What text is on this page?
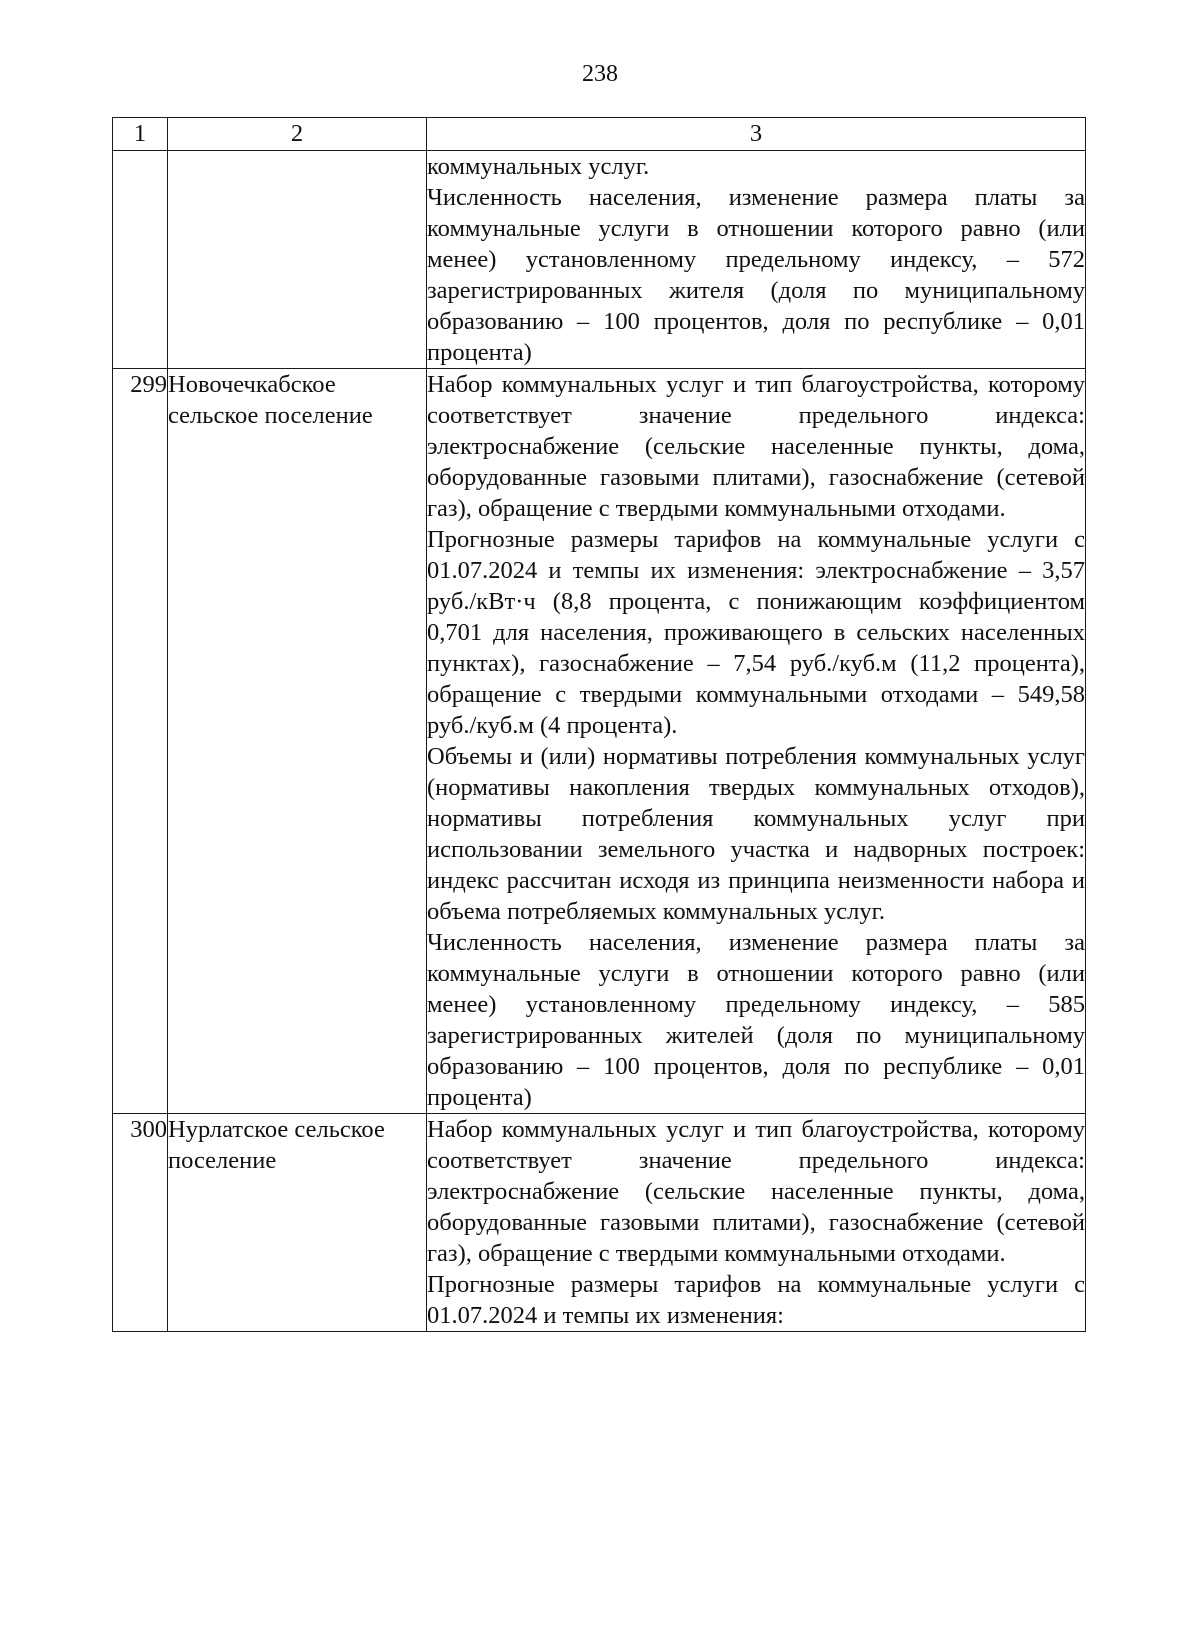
238
1	2	3

		коммунальных услуг.
Численность населения, изменение размера платы за коммунальные услуги в отношении которого равно (или менее) установленному предельному индексу, – 572 зарегистрированных жителя (доля по муниципальному образованию – 100 процентов, доля по республике – 0,01 процента)

299	Новочечкабское сельское поселение	Набор коммунальных услуг и тип благоустройства, которому соответствует значение предельного индекса: электроснабжение (сельские населенные пункты, дома, оборудованные газовыми плитами), газоснабжение (сетевой газ), обращение с твердыми коммунальными отходами.
Прогнозные размеры тарифов на коммунальные услуги с 01.07.2024 и темпы их изменения: электроснабжение – 3,57 руб./кВт·ч (8,8 процента, с понижающим коэффициентом 0,701 для населения, проживающего в сельских населенных пунктах), газоснабжение – 7,54 руб./куб.м (11,2 процента), обращение с твердыми коммунальными отходами – 549,58 руб./куб.м (4 процента).
Объемы и (или) нормативы потребления коммунальных услуг (нормативы накопления твердых коммунальных отходов), нормативы потребления коммунальных услуг при использовании земельного участка и надворных построек: индекс рассчитан исходя из принципа неизменности набора и объема потребляемых коммунальных услуг.
Численность населения, изменение размера платы за коммунальные услуги в отношении которого равно (или менее) установленному предельному индексу, – 585 зарегистрированных жителей (доля по муниципальному образованию – 100 процентов, доля по республике – 0,01 процента)

300	Нурлатское сельское поселение	Набор коммунальных услуг и тип благоустройства, которому соответствует значение предельного индекса: электроснабжение (сельские населенные пункты, дома, оборудованные газовыми плитами), газоснабжение (сетевой газ), обращение с твердыми коммунальными отходами.
Прогнозные размеры тарифов на коммунальные услуги с 01.07.2024 и темпы их изменения:
